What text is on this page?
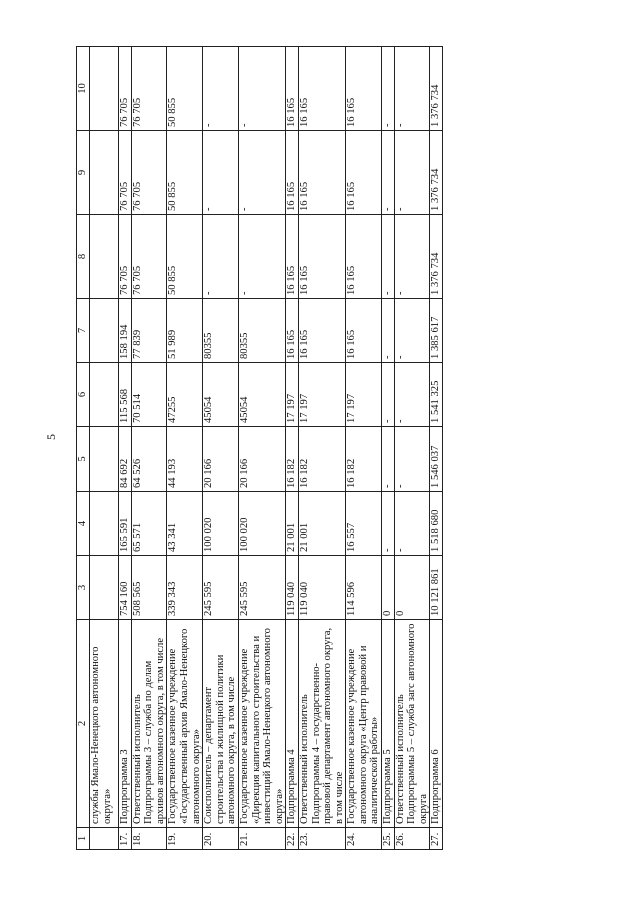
5
1	2	3	4	5	6	7	8	9	10
	службы Ямало-Ненецкого автономного округа»								
17.	Подпрограмма 3	754 160	165 591	84 692	115 568	158 194	76 705	76 705	76 705
18.	Ответственный исполнитель Подпрограммы 3 – служба по делам архивов автономного округа, в том числе	508 565	65 571	64 526	70 514	77 839	76 705	76 705	76 705
19.	Государственное казенное учреждение «Государственный архив Ямало-Ненецкого автономного округа»	339 343	43 341	44 193	47255	51 989	50 855	50 855	50 855
20.	Соисполнитель – департамент строительства и жилищной политики автономного округа, в том числе	245 595	100 020	20 166	45054	80355	-	-	-
21.	Государственное казенное учреждение «Дирекция капитального строительства и инвестиций Ямало-Ненецкого автономного округа»	245 595	100 020	20 166	45054	80355	-	-	-
22.	Подпрограмма 4	119 040	21 001	16 182	17 197	16 165	16 165	16 165	16 165
23.	Ответственный исполнитель Подпрограммы 4 – государственно-правовой департамент автономного округа, в том числе	119 040	21 001	16 182	17 197	16 165	16 165	16 165	16 165
24.	Государственное казенное учреждение автономного округа «Центр правовой и аналитической работы»	114 596	16 557	16 182	17 197	16 165	16 165	16 165	16 165
25.	Подпрограмма 5	0	-	-	-	-	-	-	-
26.	Ответственный исполнитель Подпрограммы 5 – служба загс автономного округа	0	-	-	-	-	-	-	-
27.	Подпрограмма 6	10 121 861	1 518 680	1 546 037	1 541 325	1 385 617	1 376 734	1 376 734	1 376 734
